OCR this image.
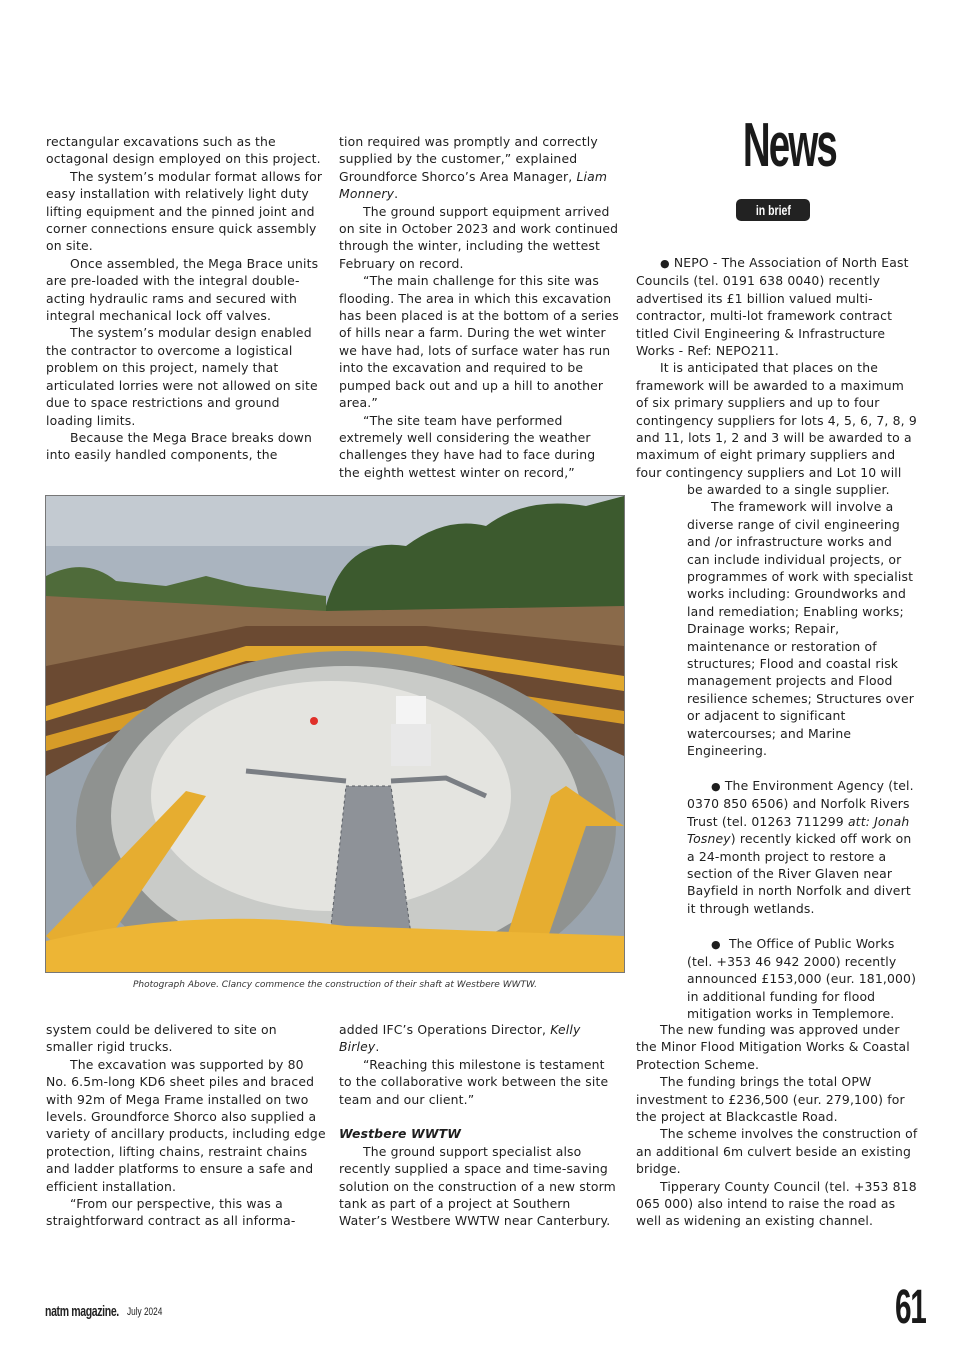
News
in brief

rectangular excavations such as the octagonal design employed on this project.

The system’s modular format allows for easy installation with relatively light duty lifting equipment and the pinned joint and corner connections ensure quick assembly on site.

Once assembled, the Mega Brace units are pre-loaded with the integral double-acting hydraulic rams and secured with integral mechanical lock off valves.

The system’s modular design enabled the contractor to overcome a logistical problem on this project, namely that articulated lorries were not allowed on site due to space restrictions and ground loading limits.

Because the Mega Brace breaks down into easily handled components, the

tion required was promptly and correctly supplied by the customer,” explained Groundforce Shorco’s Area Manager, Liam Monnery.

The ground support equipment arrived on site in October 2023 and work continued through the winter, including the wettest February on record.

“The main challenge for this site was flooding. The area in which this excavation has been placed is at the bottom of a series of hills near a farm. During the wet winter we have had, lots of surface water has run into the excavation and required to be pumped back out and up a hill to another area.”

“The site team have performed extremely well considering the weather challenges they have had to face during the eighth wettest winter on record,”

Photograph Above. Clancy commence the construction of their shaft at Westbere WWTW.

system could be delivered to site on smaller rigid trucks.

The excavation was supported by 80 No. 6.5m-long KD6 sheet piles and braced with 92m of Mega Frame installed on two levels. Groundforce Shorco also supplied a variety of ancillary products, including edge protection, lifting chains, restraint chains and ladder platforms to ensure a safe and efficient installation.

“From our perspective, this was a straightforward contract as all informa-

added IFC’s Operations Director, Kelly Birley.

“Reaching this milestone is testament to the collaborative work between the site team and our client.”

Westbere WWTW

The ground support specialist also recently supplied a space and time-saving solution on the construction of a new storm tank as part of a project at Southern Water’s Westbere WWTW near Canterbury.

● NEPO - The Association of North East Councils (tel. 0191 638 0040) recently advertised its £1 billion valued multi-contractor, multi-lot framework contract titled Civil Engineering & Infrastructure Works - Ref: NEPO211.

It is anticipated that places on the framework will be awarded to a maximum of six primary suppliers and up to four contingency suppliers for lots 4, 5, 6, 7, 8, 9 and 11, lots 1, 2 and 3 will be awarded to a maximum of eight primary suppliers and four contingency suppliers and Lot 10 will

be awarded to a single supplier.

The framework will involve a diverse range of civil engineering and /or infrastructure works and can include individual projects, or programmes of work with specialist works including: Groundworks and land remediation; Enabling works; Drainage works; Repair, maintenance or restoration of structures; Flood and coastal risk management projects and Flood resilience schemes; Structures over or adjacent to significant watercourses; and Marine Engineering.

● The Environment Agency (tel. 0370 850 6506) and Norfolk Rivers Trust (tel. 01263 711299 att: Jonah Tosney) recently kicked off work on a 24-month project to restore a section of the River Glaven near Bayfield in north Norfolk and divert it through wetlands.

● The Office of Public Works (tel. +353 46 942 2000) recently announced £153,000 (eur. 181,000) in additional funding for flood mitigation works in Templemore.

The new funding was approved under the Minor Flood Mitigation Works & Coastal Protection Scheme.

The funding brings the total OPW investment to £236,500 (eur. 279,100) for the project at Blackcastle Road.

The scheme involves the construction of an additional 6m culvert beside an existing bridge.

Tipperary County Council (tel. +353 818 065 000) also intend to raise the road as well as widening an existing channel.

natm magazine. July 2024	61
